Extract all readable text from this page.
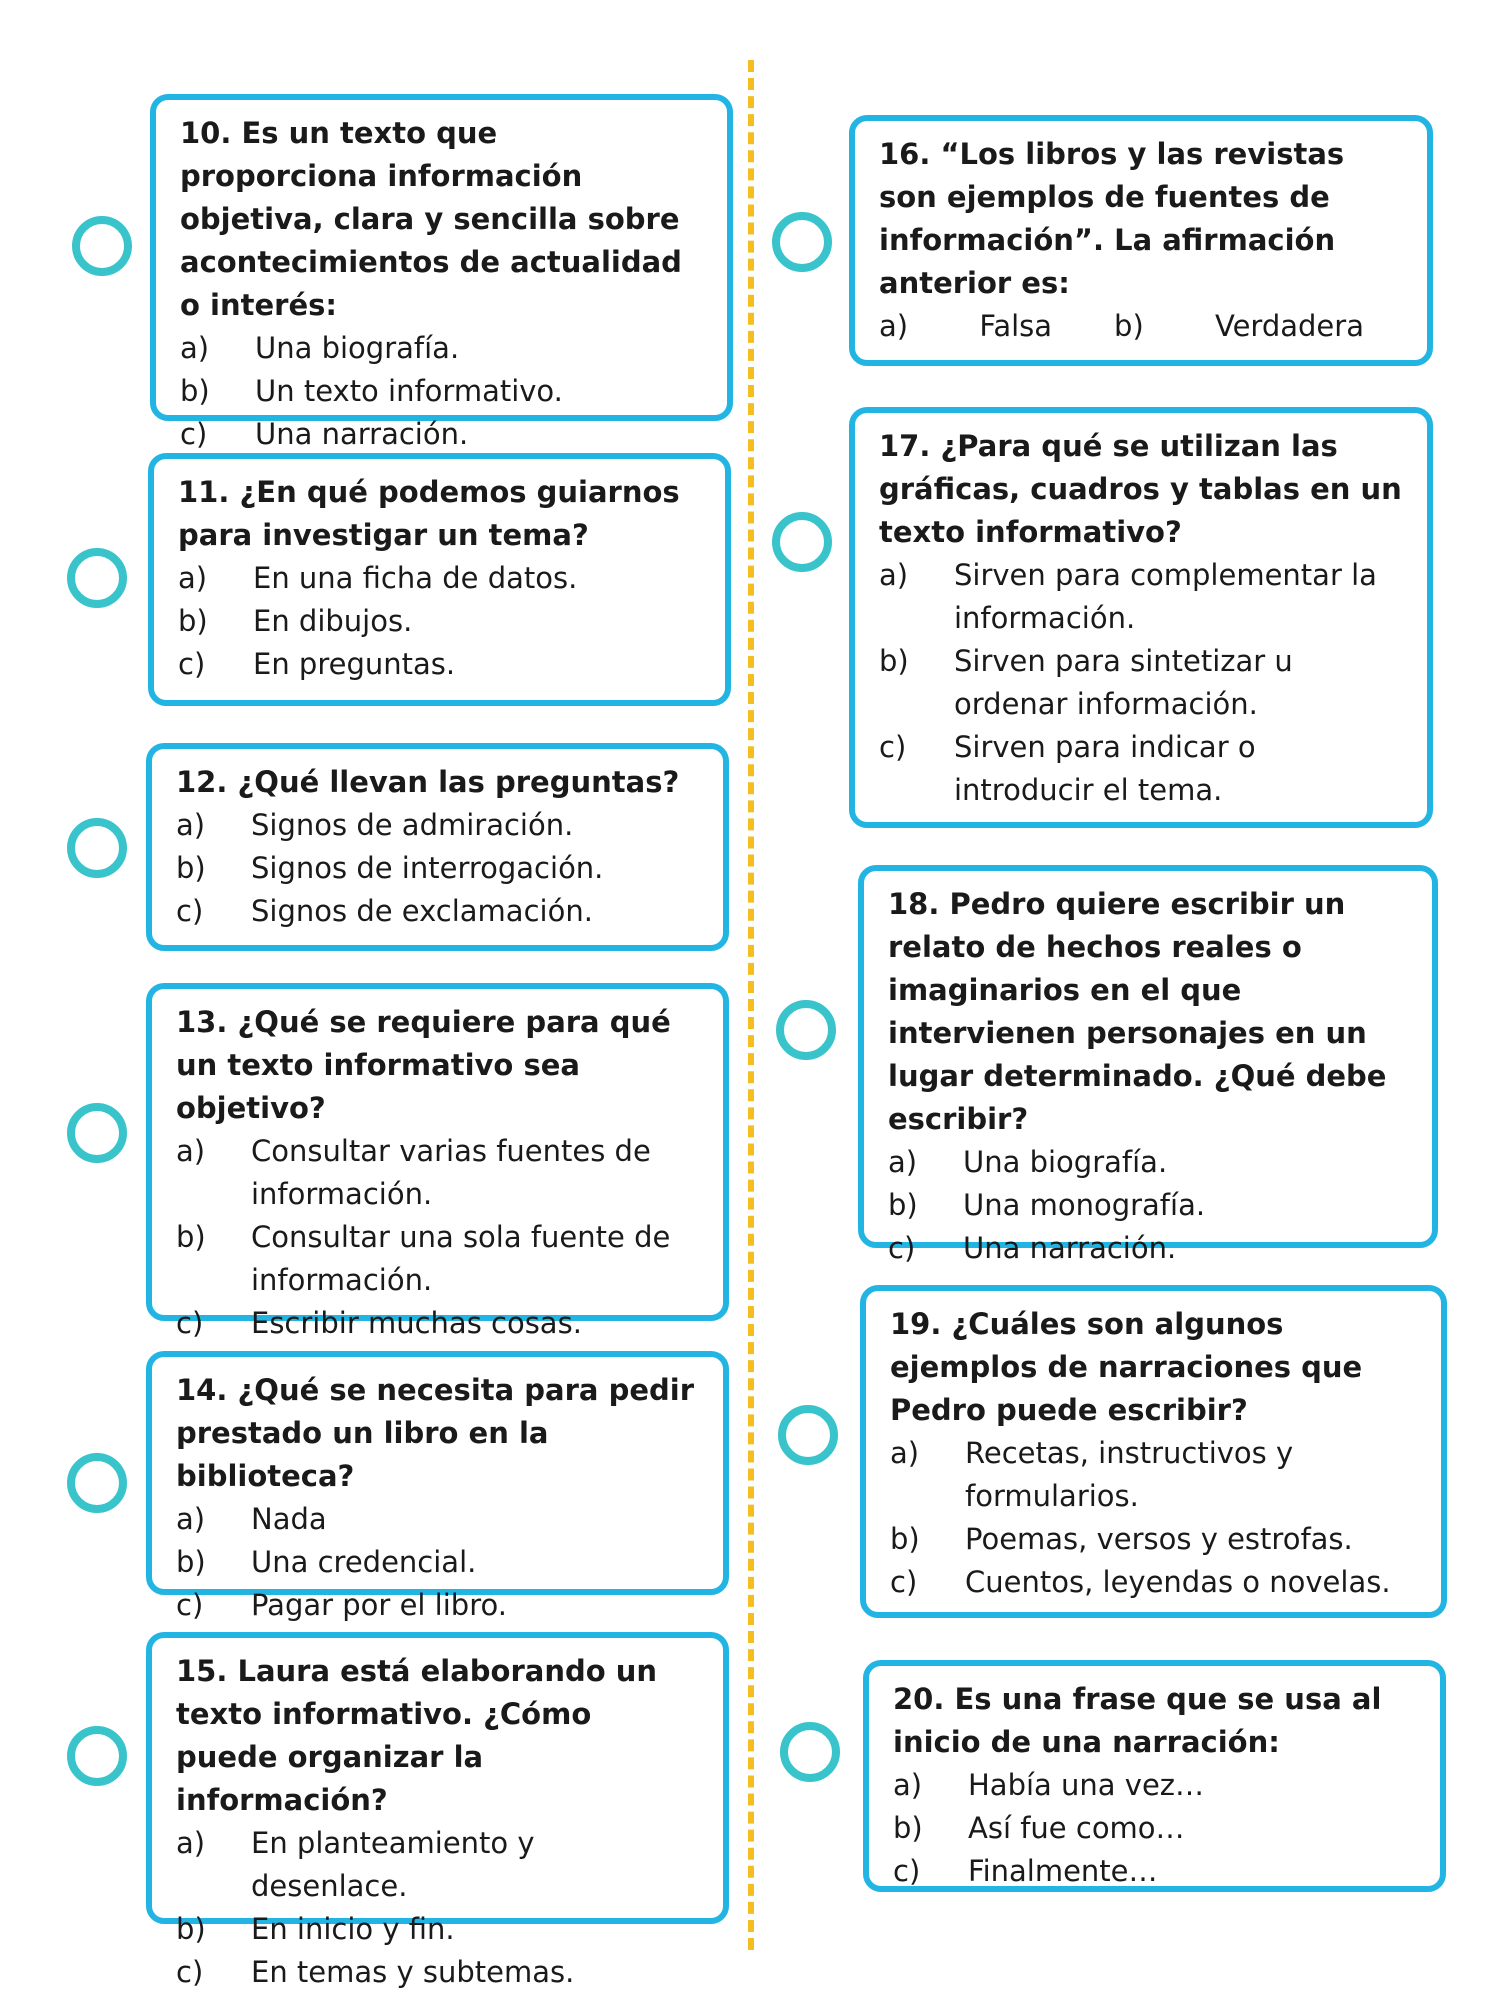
10. Es un texto que proporciona información objetiva, clara y sencilla sobre acontecimientos de actualidad o interés:

a)	Una biografía.
b)	Un texto informativo.
c)	Una narración.

11. ¿En qué podemos guiarnos para investigar un tema?

a)	En una ficha de datos.
b)	En dibujos.
c)	En preguntas.

12. ¿Qué llevan las preguntas?

a)	Signos de admiración.
b)	Signos de interrogación.
c)	Signos de exclamación.

13. ¿Qué se requiere para qué un texto informativo sea objetivo?

a)	Consultar varias fuentes de información.
b)	Consultar una sola fuente de información.
c)	Escribir muchas cosas.

14. ¿Qué se necesita para pedir prestado un libro en la biblioteca?

a)	Nada
b)	Una credencial.
c)	Pagar por el libro.

15. Laura está elaborando un texto informativo. ¿Cómo puede organizar la información?

a)	En planteamiento y desenlace.
b)	En inicio y fin.
c)	En temas y subtemas.

16. “Los libros y las revistas son ejemplos de fuentes de información”. La afirmación anterior es:

a) Falsa b) Verdadera

17. ¿Para qué se utilizan las gráficas, cuadros y tablas en un texto informativo?

a)	Sirven para complementar la información.
b)	Sirven para sintetizar u ordenar información.
c)	Sirven para indicar o introducir el tema.

18. Pedro quiere escribir un relato de hechos reales o imaginarios en el que intervienen personajes en un lugar determinado. ¿Qué debe escribir?

a)	Una biografía.
b)	Una monografía.
c)	Una narración.

19. ¿Cuáles son algunos ejemplos de narraciones que Pedro puede escribir?

a)	Recetas, instructivos y formularios.
b)	Poemas, versos y estrofas.
c)	Cuentos, leyendas o novelas.

20. Es una frase que se usa al inicio de una narración:

a)	Había una vez…
b)	Así fue como…
c)	Finalmente…
